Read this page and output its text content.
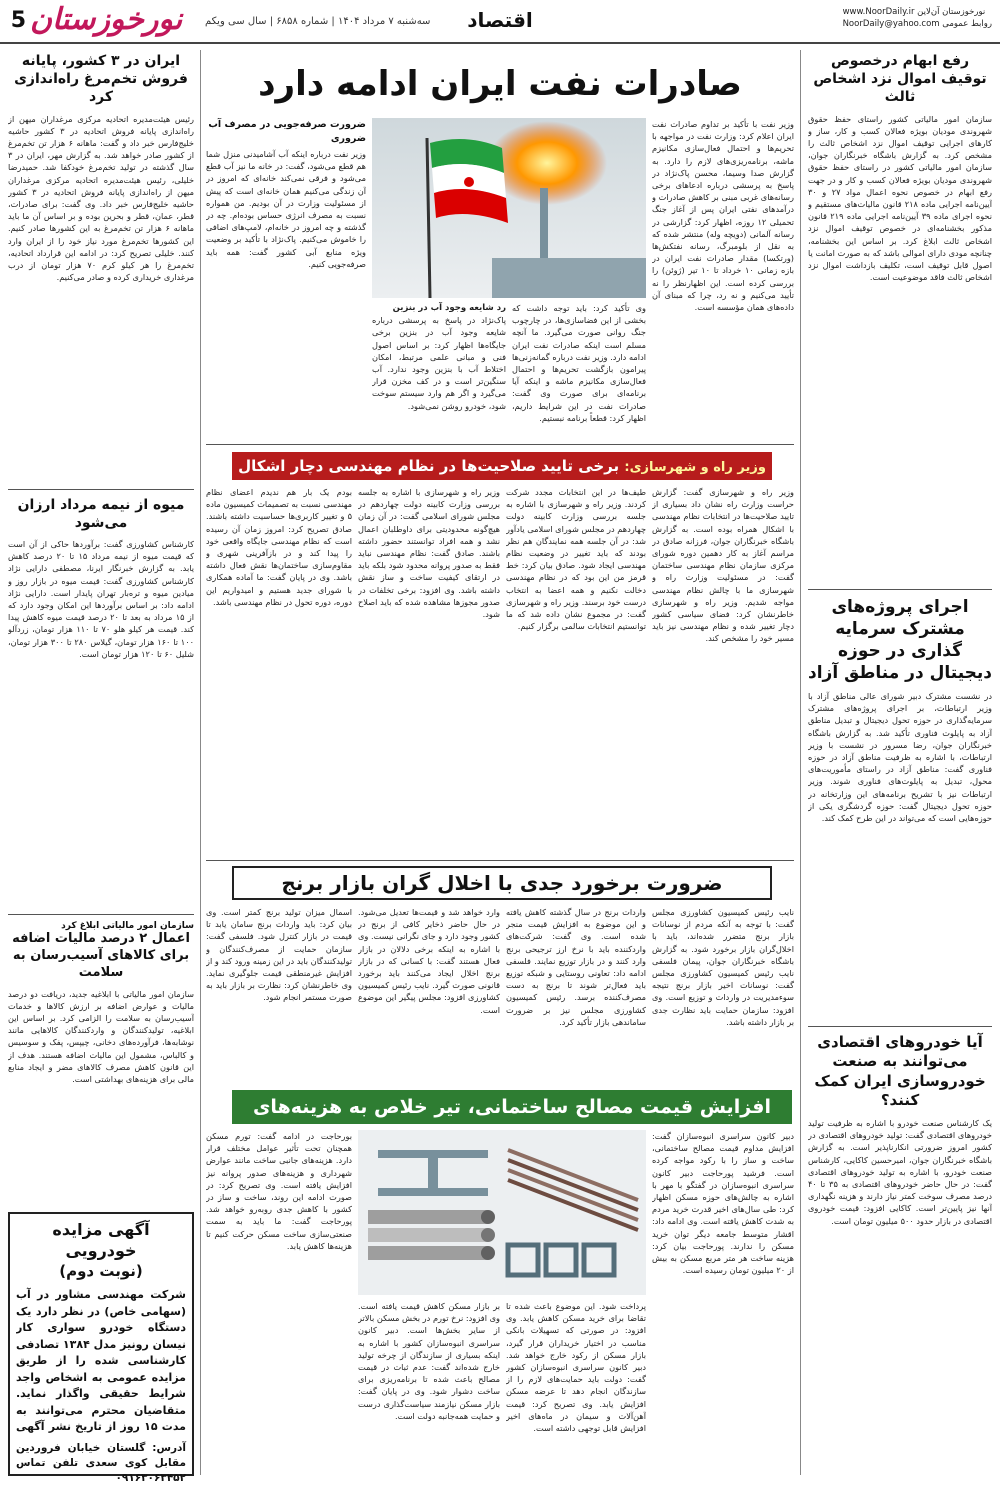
5 نورخوزستان سه‌شنبه ۷ مرداد ۱۴۰۴ | شماره ۶۸۵۸ | سال سی ویکم	اقتصاد	www.NoorDaily.ir نورخوزستان آن‌لاین
NoorDaily@yahoo.com روابط عمومی
رفع ابهام درخصوص توقیف اموال نزد اشخاص ثالث
سازمان امور مالیاتی کشور راستای حفظ حقوق شهروندی مودیان بویژه فعالان کسب و کار، ساز و کارهای اجرایی توقیف اموال نزد اشخاص ثالث را مشخص کرد. به گزارش باشگاه خبرنگاران جوان، سازمان امور مالیاتی کشور در راستای حفظ حقوق شهروندی مودیان بویژه فعالان کسب و کار و در جهت رفع ابهام در خصوص نحوه اعمال مواد ۲۷ و ۳۰ آیین‌نامه اجرایی ماده ۲۱۸ قانون مالیات‌های مستقیم و نحوه اجرای ماده ۳۹ آیین‌نامه اجرایی ماده ۲۱۹ قانون مذکور بخشنامه‌ای در خصوص توقیف اموال نزد اشخاص ثالث ابلاغ کرد. بر اساس این بخشنامه، چنانچه مودی دارای اموالی باشد که به صورت امانت یا اصول قابل توقیف است، تکلیف بازداشت اموال نزد اشخاص ثالث فاقد موضوعیت است.
اجرای پروژه‌های مشترک سرمایه گذاری در حوزه دیجیتال در مناطق آزاد
در نشست مشترک دبیر شورای عالی مناطق آزاد با وزیر ارتباطات، بر اجرای پروژه‌های مشترک سرمایه‌گذاری در حوزه تحول دیجیتال و تبدیل مناطق آزاد به پایلوت فناوری تأکید شد. به گزارش باشگاه خبرنگاران جوان، رضا مسرور در نشست با وزیر ارتباطات، با اشاره به ظرفیت مناطق آزاد در حوزه فناوری گفت: مناطق آزاد در راستای مأموریت‌های محول، تبدیل به پایلوت‌های فناوری شوند. وزیر ارتباطات نیز با تشریح برنامه‌های این وزارتخانه در حوزه تحول دیجیتال گفت: حوزه گردشگری یکی از حوزه‌هایی است که می‌تواند در این طرح کمک کند.
آیا خودروهای اقتصادی می‌توانند به صنعت خودروسازی ایران کمک کنند؟
یک کارشناس صنعت خودرو با اشاره به ظرفیت تولید خودروهای اقتصادی گفت: تولید خودروهای اقتصادی در کشور امروز ضرورتی انکارناپذیر است. به گزارش باشگاه خبرنگاران جوان، امیرحسین کاکایی، کارشناس صنعت خودرو، با اشاره به تولید خودروهای اقتصادی گفت: در حال حاضر خودروهای اقتصادی به ۳۵ تا ۴۰ درصد مصرف سوخت کمتر نیاز دارند و هزینه نگهداری آنها نیز پایین‌تر است. کاکایی افزود: قیمت خودروی اقتصادی در بازار حدود ۵۰۰ میلیون تومان است.
ایران در ۳ کشور، پایانه فروش تخم‌مرغ راه‌اندازی کرد
رئیس هیئت‌مدیره اتحادیه مرکزی مرغداران میهن از راه‌اندازی پایانه فروش اتحادیه در ۳ کشور حاشیه خلیج‌فارس خبر داد و گفت: ماهانه ۶ هزار تن تخم‌مرغ از کشور صادر خواهد شد. به گزارش مهر، ایران در ۳ سال گذشته در تولید تخم‌مرغ خودکفا شد. حمیدرضا خلیلی، رئیس هیئت‌مدیره اتحادیه مرکزی مرغداران میهن از راه‌اندازی پایانه فروش اتحادیه در ۳ کشور حاشیه خلیج‌فارس خبر داد. وی گفت: برای صادرات، قطر، عمان، قطر و بحرین بوده و بر اساس آن ما باید ماهانه ۶ هزار تن تخم‌مرغ به این کشورها صادر کنیم. این کشورها تخم‌مرغ مورد نیاز خود را از ایران وارد کنند. خلیلی تصریح کرد: در ادامه این قرارداد اتحادیه، تخم‌مرغ را هر کیلو کرم ۷۰ هزار تومان از درب مرغداری خریداری کرده و صادر می‌کنیم.
میوه از نیمه مرداد ارزان می‌شود
کارشناس کشاورزی گفت: برآوردها حاکی از آن است که قیمت میوه از نیمه مرداد ۱۵ تا ۲۰ درصد کاهش یابد. به گزارش خبرنگار ایرنا، مصطفی دارایی نژاد کارشناس کشاورزی گفت: قیمت میوه در بازار روز و میادین میوه و تره‌بار تهران پایدار است. دارایی نژاد ادامه داد: بر اساس برآوردها این امکان وجود دارد که از ۱۵ مرداد به بعد تا ۲۰ درصد قیمت میوه کاهش پیدا کند. قیمت هر کیلو هلو ۷۰ تا ۱۱۰ هزار تومان، زردآلو ۱۰۰ تا ۱۶۰ هزار تومان، گیلاس ۲۸۰ تا ۳۰۰ هزار تومان، شلیل ۶۰ تا ۱۲۰ هزار تومان است.
سازمان امور مالیاتی ابلاغ کرد
اعمال ۲ درصد مالیات اضافه برای کالاهای آسیب‌رسان به سلامت
سازمان امور مالیاتی با ابلاغیه جدید، دریافت دو درصد مالیات و عوارض اضافه بر ارزش کالاها و خدمات آسیب‌رسان به سلامت را الزامی کرد. بر اساس این ابلاغیه، تولیدکنندگان و واردکنندگان کالاهایی مانند نوشابه‌ها، فرآورده‌های دخانی، چیپس، پفک و سوسیس و کالباس، مشمول این مالیات اضافه هستند. هدف از این قانون کاهش مصرف کالاهای مضر و ایجاد منابع مالی برای هزینه‌های بهداشتی است.
آگهی مزایده خودرویی
(نوبت دوم)
شرکت مهندسی مشاور در آب (سهامی خاص) در نظر دارد یک دستگاه خودرو سواری کار نیسان رونیز مدل ۱۳۸۴ تصادفی کارشناسی شده را از طریق مزایده عمومی به اشخاص واجد شرایط حقیقی واگذار نماید. متقاضیان محترم می‌توانند به مدت ۱۵ روز از تاریخ نشر آگهی
آدرس: گلستان خیابان فروردین مقابل کوی سعدی تلفن تماس ۰۹۱۶۳۰۶۳۴۵۲
صادرات نفت ایران ادامه دارد
وزیر نفت با تأکید بر تداوم صادرات نفت ایران اعلام کرد: وزارت نفت در مواجهه با تحریم‌ها و احتمال فعال‌سازی مکانیزم ماشه، برنامه‌ریزی‌های لازم را دارد. به گزارش صدا وسیما، محسن پاک‌نژاد در پاسخ به پرسشی درباره ادعاهای برخی رسانه‌های غربی مبنی بر کاهش صادرات و درآمدهای نفتی ایران پس از آغاز جنگ تحمیلی ۱۲ روزه، اظهار کرد: گزارشی در رسانه آلمانی (دویچه وله) منتشر شده که به نقل از بلومبرگ، رسانه نفتکش‌ها (ورتکسا) مقدار صادرات نفت ایران در بازه زمانی ۱۰ خرداد تا ۱۰ تیر (ژوئن) را بررسی کرده است. این اظهارنظر را نه تأیید می‌کنیم و نه رد، چرا که مبنای آن داده‌های همان مؤسسه است.
وی تأکید کرد: باید توجه داشت که بخشی از این فضاسازی‌ها، در چارچوب جنگ روانی صورت می‌گیرد. ما آنچه مسلم است اینکه صادرات نفت ایران ادامه دارد. وزیر نفت درباره گمانه‌زنی‌ها پیرامون بازگشت تحریم‌ها و احتمال فعال‌سازی مکانیزم ماشه و اینکه آیا برنامه‌ای برای صورت وی گفت: صادرات نفت در این شرایط داریم، اظهار کرد: قطعاً برنامه نبستیم.
رد شایعه وجود آب در بنزین
پاک‌نژاد در پاسخ به پرسشی درباره شایعه وجود آب در بنزین برخی جایگاه‌ها اظهار کرد: بر اساس اصول فنی و مبانی علمی مرتبط، امکان اختلاط آب با بنزین وجود ندارد. آب سنگین‌تر است و در کف مخزن قرار می‌گیرد و اگر هم وارد سیستم سوخت شود، خودرو روشن نمی‌شود.
ضرورت صرفه‌جویی در مصرف آب ضروری
وزیر نفت درباره اینکه آب آشامیدنی منزل شما هم قطع می‌شود، گفت: در خانه ما نیز آب قطع می‌شود و فرقی نمی‌کند خانه‌ای که امروز در آن زندگی می‌کنیم همان خانه‌ای است که پیش از مسئولیت وزارت در آن بودیم. من همواره نسبت به مصرف انرژی حساس بوده‌ام. چه در گذشته و چه امروز در خانه‌ام، لامپ‌های اضافی را خاموش می‌کنیم. پاک‌نژاد با تأکید بر وضعیت ویژه منابع آبی کشور گفت: همه باید صرفه‌جویی کنیم.
وزیر راه و شهرسازی: برخی تایید صلاحیت‌ها در نظام مهندسی دچار اشکال بود	وزیر راه و شهرسازی گفت: گزارش حراست وزارت راه نشان داد بسیاری از تایید صلاحیت‌ها در انتخابات نظام مهندسی با اشکال همراه بوده است. به گزارش باشگاه خبرنگاران جوان، فرزانه صادق در مراسم آغاز به کار دهمین دوره شورای مرکزی سازمان نظام مهندسی ساختمان گفت: در مسئولیت وزارت راه و شهرسازی ما با چالش نظام مهندسی مواجه شدیم. وزیر راه و شهرسازی خاطرنشان کرد: فضای سیاسی کشور دچار تغییر شده و نظام مهندسی نیز باید مسیر خود را مشخص کند.
طیف‌ها در این انتخابات مجدد شرکت کردند. وزیر راه و شهرسازی با اشاره به جلسه بررسی وزارت کابینه دولت چهاردهم در مجلس شورای اسلامی یادآور شد: در آن جلسه همه نمایندگان هم نظر بودند که باید تغییر در وضعیت نظام مهندسی ایجاد شود. صادق بیان کرد: خط قرمز من این بود که در نظام مهندسی دخالت نکنیم و همه اعضا به انتخاب درست خود برسند. وزیر راه و شهرسازی گفت: در مجموع نشان داده شد که ما توانستیم انتخابات سالمی برگزار کنیم.
وزیر راه و شهرسازی با اشاره به جلسه بررسی وزارت کابینه دولت چهاردهم در مجلس شورای اسلامی گفت: در آن زمان هیچ‌گونه محدودیتی برای داوطلبان اعمال نشد و همه افراد توانستند حضور داشته باشند. صادق گفت: نظام مهندسی نباید فقط به صدور پروانه محدود شود بلکه باید در ارتقای کیفیت ساخت و ساز نقش داشته باشد. وی افزود: برخی تخلفات در صدور مجوزها مشاهده شده که باید اصلاح شود.
بودم یک بار هم ندیدم اعضای نظام مهندسی نسبت به تصمیمات کمیسیون ماده ۵ و تغییر کاربری‌ها حساسیت داشته باشند. صادق تصریح کرد: امروز زمان آن رسیده است که نظام مهندسی جایگاه واقعی خود را پیدا کند و در بازآفرینی شهری و مقاوم‌سازی ساختمان‌ها نقش فعال داشته باشد. وی در پایان گفت: ما آماده همکاری با شورای جدید هستیم و امیدواریم این دوره، دوره تحول در نظام مهندسی باشد.
ضرورت برخورد جدی با اخلال گران بازار برنج
نایب رئیس کمیسیون کشاورزی مجلس گفت: با توجه به آنکه مردم از نوسانات بازار برنج متضرر شده‌اند، باید با اخلال‌گران بازار برخورد شود. به گزارش باشگاه خبرنگاران جوان، پیمان فلسفی نایب رئیس کمیسیون کشاورزی مجلس گفت: نوسانات اخیر بازار برنج نتیجه سوءمدیریت در واردات و توزیع است. وی افزود: سازمان حمایت باید نظارت جدی بر بازار داشته باشد.
واردات برنج در سال گذشته کاهش یافته و این موضوع به افزایش قیمت منجر شده است. وی گفت: شرکت‌های واردکننده باید با نرخ ارز ترجیحی برنج وارد کنند و در بازار توزیع نمایند. فلسفی ادامه داد: تعاونی روستایی و شبکه توزیع باید فعال‌تر شوند تا برنج به دست مصرف‌کننده برسد. رئیس کمیسیون کشاورزی مجلس نیز بر ضرورت ساماندهی بازار تأکید کرد.
وارد خواهد شد و قیمت‌ها تعدیل می‌شود. در حال حاضر ذخایر کافی از برنج در کشور وجود دارد و جای نگرانی نیست. وی با اشاره به اینکه برخی دلالان در بازار فعال هستند گفت: با کسانی که در بازار برنج اخلال ایجاد می‌کنند باید برخورد قانونی صورت گیرد. نایب رئیس کمیسیون کشاورزی افزود: مجلس پیگیر این موضوع است.
اسمال میزان تولید برنج کمتر است. وی بیان کرد: باید واردات برنج سامان یابد تا قیمت در بازار کنترل شود. فلسفی گفت: سازمان حمایت از مصرف‌کنندگان و تولیدکنندگان باید در این زمینه ورود کند و از افزایش غیرمنطقی قیمت جلوگیری نماید. وی خاطرنشان کرد: نظارت بر بازار باید به صورت مستمر انجام شود.
افزایش قیمت مصالح ساختمانی، تیر خلاص به هزینه‌های
دبیر کانون سراسری انبوه‌سازان گفت: افزایش مداوم قیمت مصالح ساختمانی، ساخت و ساز را با رکود مواجه کرده است. فرشید پورحاجت دبیر کانون سراسری انبوه‌سازان در گفتگو با مهر با اشاره به چالش‌های حوزه مسکن اظهار کرد: طی سال‌های اخیر قدرت خرید مردم به شدت کاهش یافته است. وی ادامه داد: اقشار متوسط جامعه دیگر توان خرید مسکن را ندارند. پورحاجت بیان کرد: هزینه ساخت هر متر مربع مسکن به بیش از ۲۰ میلیون تومان رسیده است.
پرداخت شود. این موضوع باعث شده تا تقاضا برای خرید مسکن کاهش یابد. وی افزود: در صورتی که تسهیلات بانکی مناسب در اختیار خریداران قرار گیرد، بازار مسکن از رکود خارج خواهد شد. دبیر کانون سراسری انبوه‌سازان کشور گفت: دولت باید حمایت‌های لازم را از سازندگان انجام دهد تا عرضه مسکن افزایش یابد. وی تصریح کرد: قیمت آهن‌آلات و سیمان در ماه‌های اخیر افزایش قابل توجهی داشته است.
بورحاجت در ادامه گفت: تورم مسکن همچنان تحت تأثیر عوامل مختلف قرار دارد. هزینه‌های جانبی ساخت مانند عوارض شهرداری و هزینه‌های صدور پروانه نیز افزایش یافته است. وی تصریح کرد: در صورت ادامه این روند، ساخت و ساز در کشور با کاهش جدی روبه‌رو خواهد شد. پورحاجت گفت: ما باید به سمت صنعتی‌سازی ساخت مسکن حرکت کنیم تا هزینه‌ها کاهش یابد.
بر بازار مسکن کاهش قیمت یافته است. وی افزود: نرخ تورم در بخش مسکن بالاتر از سایر بخش‌ها است. دبیر کانون سراسری انبوه‌سازان کشور با اشاره به اینکه بسیاری از سازندگان از چرخه تولید خارج شده‌اند گفت: عدم ثبات در قیمت مصالح باعث شده تا برنامه‌ریزی برای ساخت دشوار شود. وی در پایان گفت: بازار مسکن نیازمند سیاست‌گذاری درست و حمایت همه‌جانبه دولت است.
